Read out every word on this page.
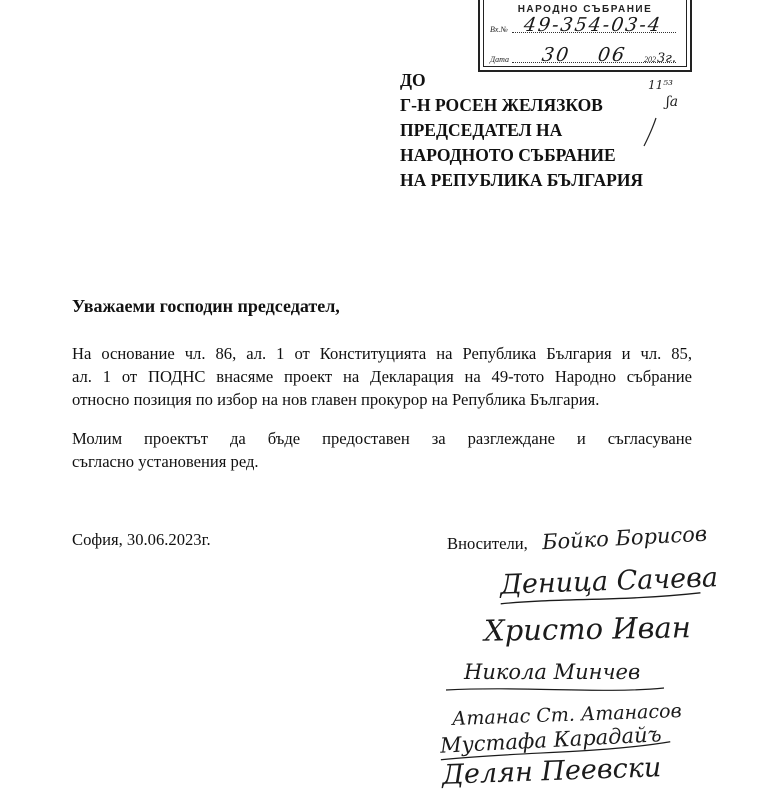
НАРОДНО СЪБРАНИЕ
Вх.№ 49-354-03-4
Дата 30 06 202 3г.
11⁵³
ʃa
ДО
Г-Н РОСЕН ЖЕЛЯЗКОВ
ПРЕДСЕДАТЕЛ НА
НАРОДНОТО СЪБРАНИЕ
НА РЕПУБЛИКА БЪЛГАРИЯ

Уважаеми господин председател,

На основание чл. 86, ал. 1 от Конституцията на Република България и чл. 85,
ал. 1 от ПОДНС внасяме проект на Декларация на 49-тото Народно събрание
относно позиция по избор на нов главен прокурор на Република България.
Молим проектът да бъде предоставен за разглеждане и съгласуване
съгласно установения ред.

София, 30.06.2023г.	Вносители, Бойко Борисов
Деница Сачева
Христо Иван
Никола Минчев
Атанас Ст. Атанасов
Мустафа Карадайъ
Делян Пеевски
